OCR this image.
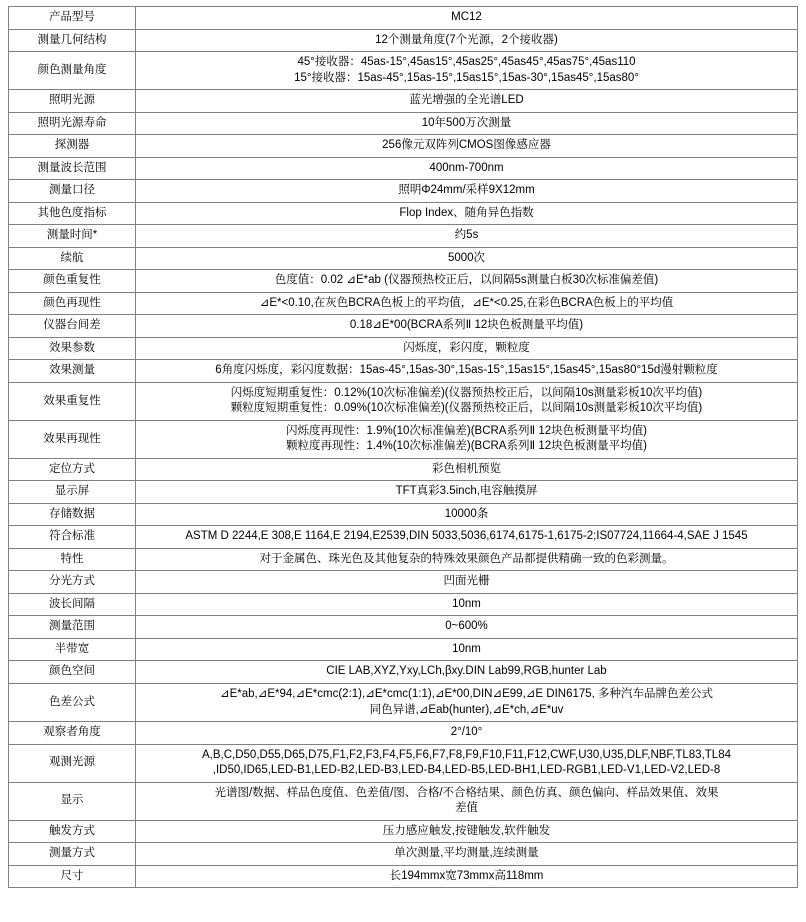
产品型号	MC12

测量几何结构	12个测量角度(7个光源，2个接收器)

颜色测量角度	45°接收器：45as-15°,45as15°,45as25°,45as45°,45as75°,45as110
15°接收器：15as-45°,15as-15°,15as15°,15as-30°,15as45°,15as80°

照明光源	蓝光增强的全光谱LED

照明光源寿命	10年500万次测量

探测器	256像元双阵列CMOS图像感应器

测量波长范围	400nm-700nm

测量口径	照明Φ24mm/采样9X12mm

其他色度指标	Flop Index、随角异色指数

测量时间*	约5s

续航	5000次

颜色重复性	色度值：0.02 ⊿E*ab (仪器预热校正后，以间隔5s测量白板30次标准偏差值)

颜色再现性	⊿E*<0.10,在灰色BCRA色板上的平均值，⊿E*<0.25,在彩色BCRA色板上的平均值

仪器台间差	0.18⊿E*00(BCRA系列Ⅱ 12块色板测量平均值)

效果参数	闪烁度，彩闪度，颗粒度

效果测量	6角度闪烁度，彩闪度数据：15as-45°,15as-30°,15as-15°,15as15°,15as45°,15as80°15d漫射颗粒度

效果重复性	闪烁度短期重复性：0.12%(10次标准偏差)(仪器预热校正后，以间隔10s测量彩板10次平均值)
颗粒度短期重复性：0.09%(10次标准偏差)(仪器预热校正后，以间隔10s测量彩板10次平均值)

效果再现性	闪烁度再现性：1.9%(10次标准偏差)(BCRA系列Ⅱ 12块色板测量平均值)
颗粒度再现性：1.4%(10次标准偏差)(BCRA系列Ⅱ 12块色板测量平均值)

定位方式	彩色相机预览

显示屏	TFT真彩3.5inch,电容触摸屏

存储数据	10000条

符合标准	ASTM D 2244,E 308,E 1164,E 2194,E2539,DIN 5033,5036,6174,6175-1,6175-2;IS07724,11664-4,SAE J 1545

特性	对于金属色、珠光色及其他复杂的特殊效果颜色产品都提供精确一致的色彩测量。

分光方式	凹面光栅

波长间隔	10nm

测量范围	0~600%

半带宽	10nm

颜色空间	CIE LAB,XYZ,Yxy,LCh,βxy.DIN Lab99,RGB,hunter Lab

色差公式	⊿E*ab,⊿E*94,⊿E*cmc(2:1),⊿E*cmc(1:1),⊿E*00,DIN⊿E99,⊿E DIN6175, 多种汽车品牌色差公式
同色异谱,⊿Eab(hunter),⊿E*ch,⊿E*uv

观察者角度	2°/10°

观测光源	A,B,C,D50,D55,D65,D75,F1,F2,F3,F4,F5,F6,F7,F8,F9,F10,F11,F12,CWF,U30,U35,DLF,NBF,TL83,TL84
,ID50,ID65,LED-B1,LED-B2,LED-B3,LED-B4,LED-B5,LED-BH1,LED-RGB1,LED-V1,LED-V2,LED-8

显示	光谱图/数据、样品色度值、色差值/图、合格/不合格结果、颜色仿真、颜色偏向、样品效果值、效果
差值

触发方式	压力感应触发,按键触发,软件触发

测量方式	单次测量,平均测量,连续测量

尺寸	长194mmx宽73mmx高118mm
